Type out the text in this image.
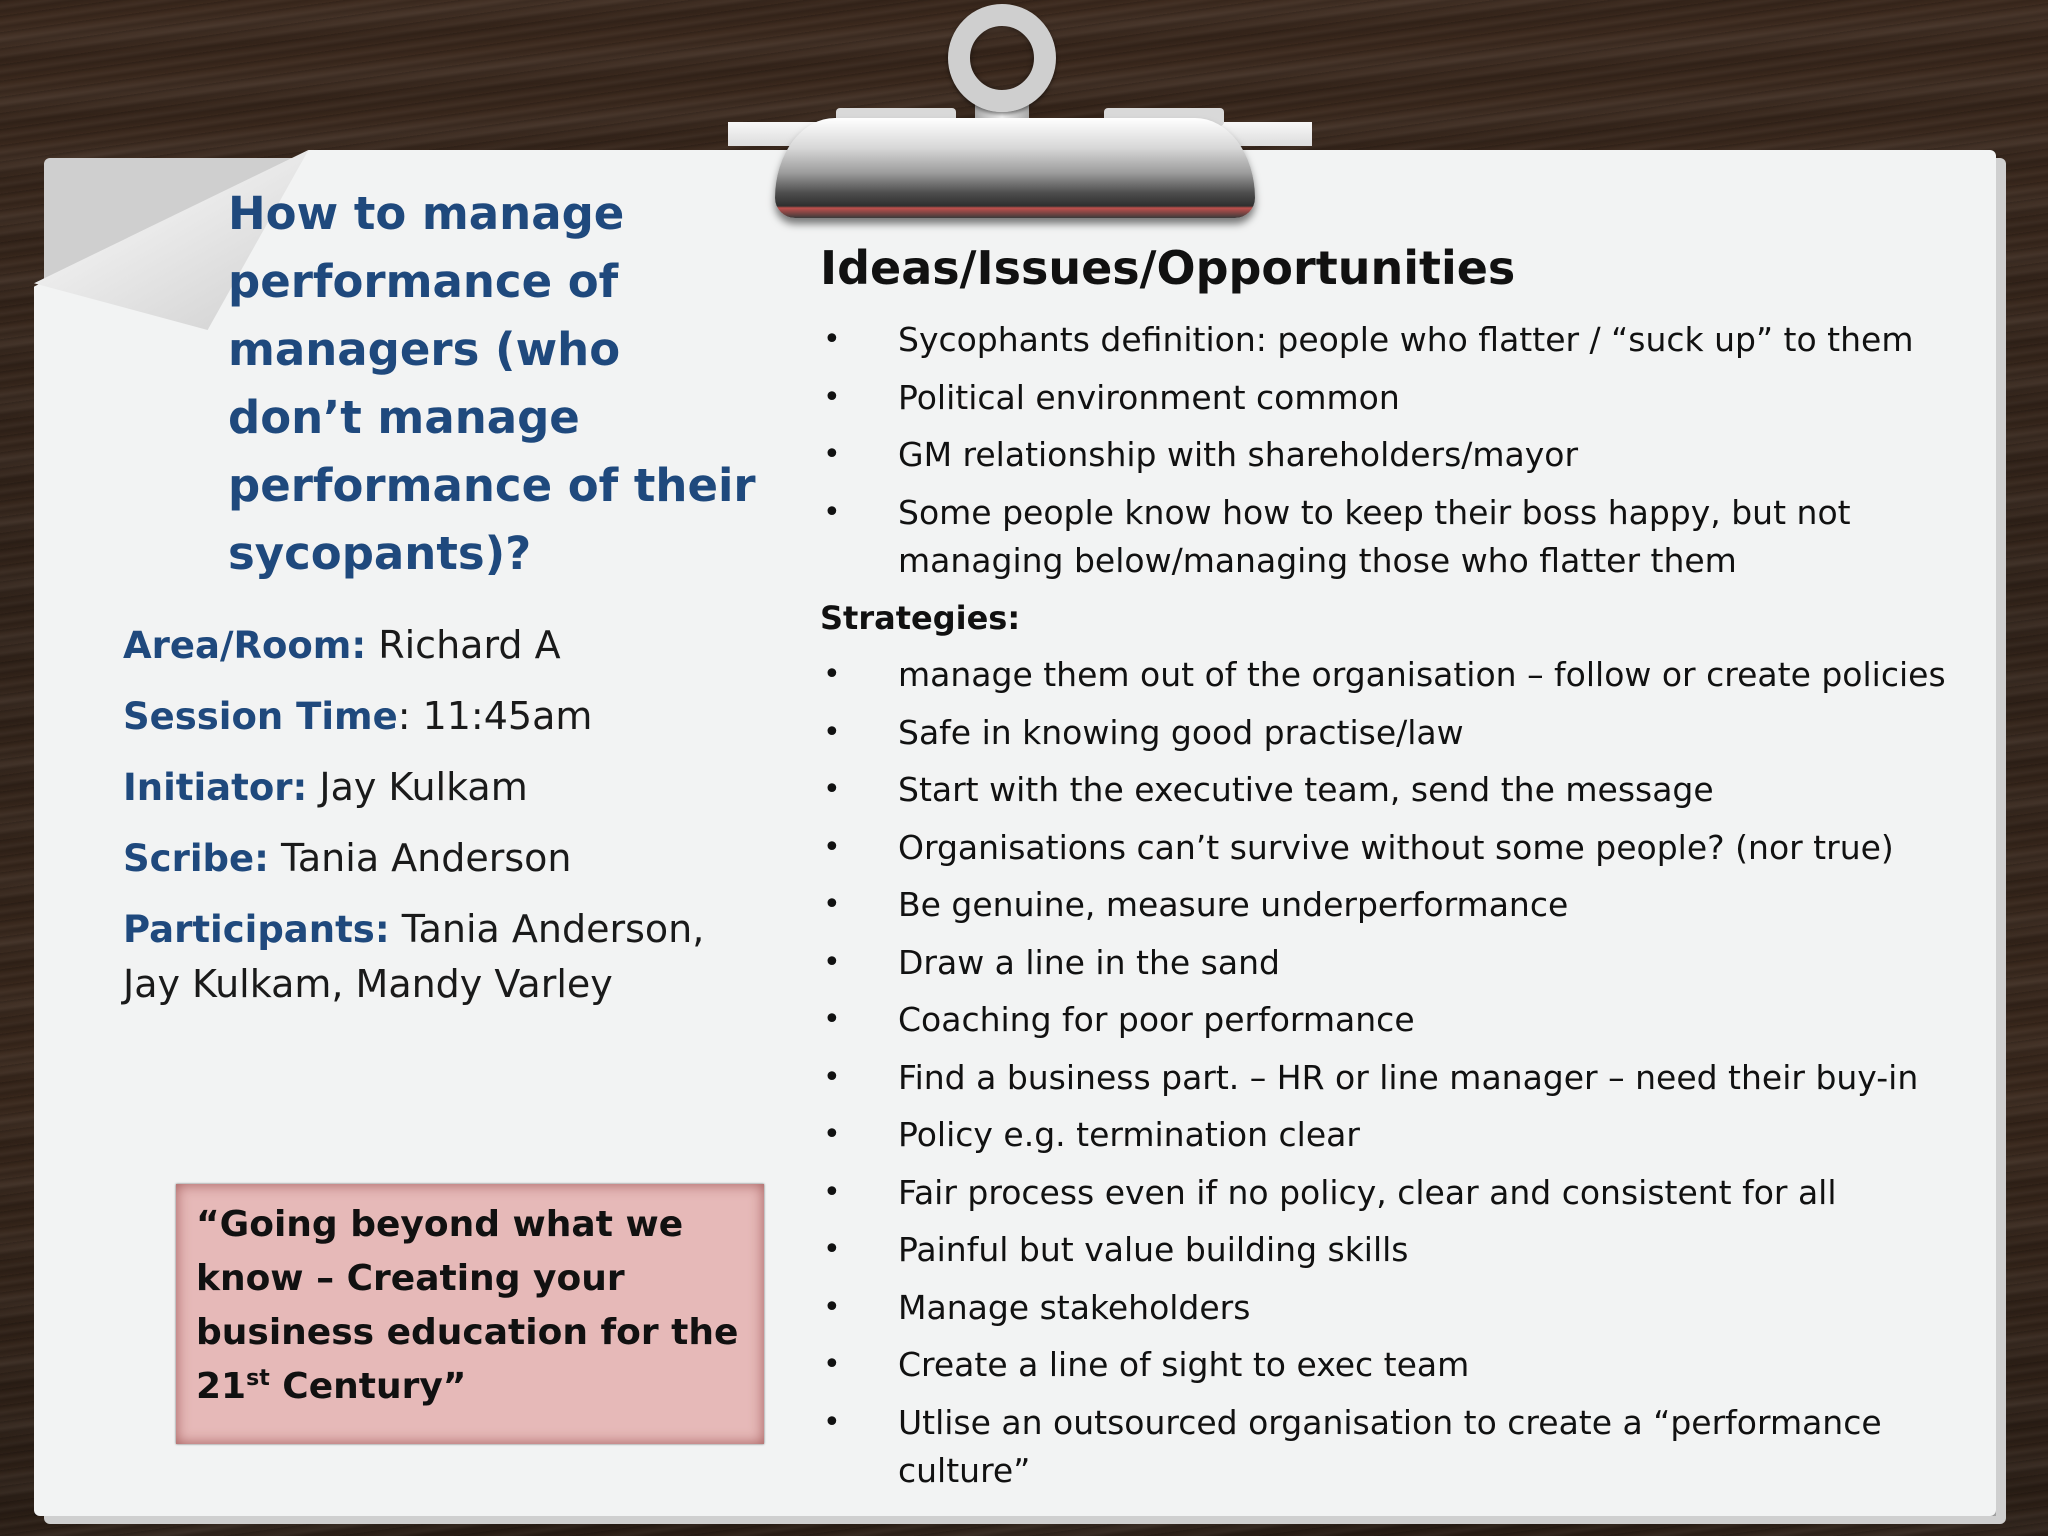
How to manage performance of managers (who don’t manage performance of their sycopants)?

Area/Room: Richard A

Session Time: 11:45am

Initiator: Jay Kulkam

Scribe: Tania Anderson

Participants: Tania Anderson, Jay Kulkam, Mandy Varley

“Going beyond what we know – Creating your business education for the 21st Century”

Ideas/Issues/Opportunities
• Sycophants definition: people who flatter / “suck up” to them
• Political environment common
• GM relationship with shareholders/mayor
• Some people know how to keep their boss happy, but not managing below/managing those who flatter them

Strategies:

• manage them out of the organisation – follow or create policies
• Safe in knowing good practise/law
• Start with the executive team, send the message
• Organisations can’t survive without some people? (nor true)
• Be genuine, measure underperformance
• Draw a line in the sand
• Coaching for poor performance
• Find a business part. – HR or line manager – need their buy-in
• Policy e.g. termination clear
• Fair process even if no policy, clear and consistent for all
• Painful but value building skills
• Manage stakeholders
• Create a line of sight to exec team
• Utlise an outsourced organisation to create a “performance culture”
